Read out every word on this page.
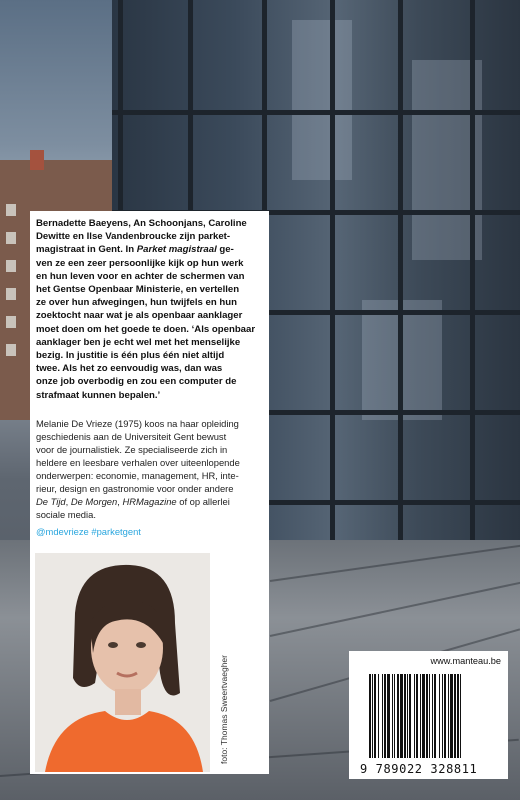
Bernadette Baeyens, An Schoonjans, Caroline
Dewitte en Ilse Vandenbroucke zijn parket-
magistraat in Gent. In Parket magistraal ge-
ven ze een zeer persoonlijke kijk op hun werk
en hun leven voor en achter de schermen van
het Gentse Openbaar Ministerie, en vertellen
ze over hun afwegingen, hun twijfels en hun
zoektocht naar wat je als openbaar aanklager
moet doen om het goede te doen. ‘Als openbaar
aanklager ben je echt wel met het menselijke
bezig. In justitie is één plus één niet altijd
twee. Als het zo eenvoudig was, dan was
onze job overbodig en zou een computer de
strafmaat kunnen bepalen.’

Melanie De Vrieze (1975) koos na haar opleiding
geschiedenis aan de Universiteit Gent bewust
voor de journalistiek. Ze specialiseerde zich in
heldere en leesbare verhalen over uiteenlopende
onderwerpen: economie, management, HR, inte-
rieur, design en gastronomie voor onder andere
De Tijd, De Morgen, HRMagazine of op allerlei
sociale media.

@mdevrieze #parketgent

foto: Thomas Sweertvaegher	www.manteau.be
9 789022 328811
